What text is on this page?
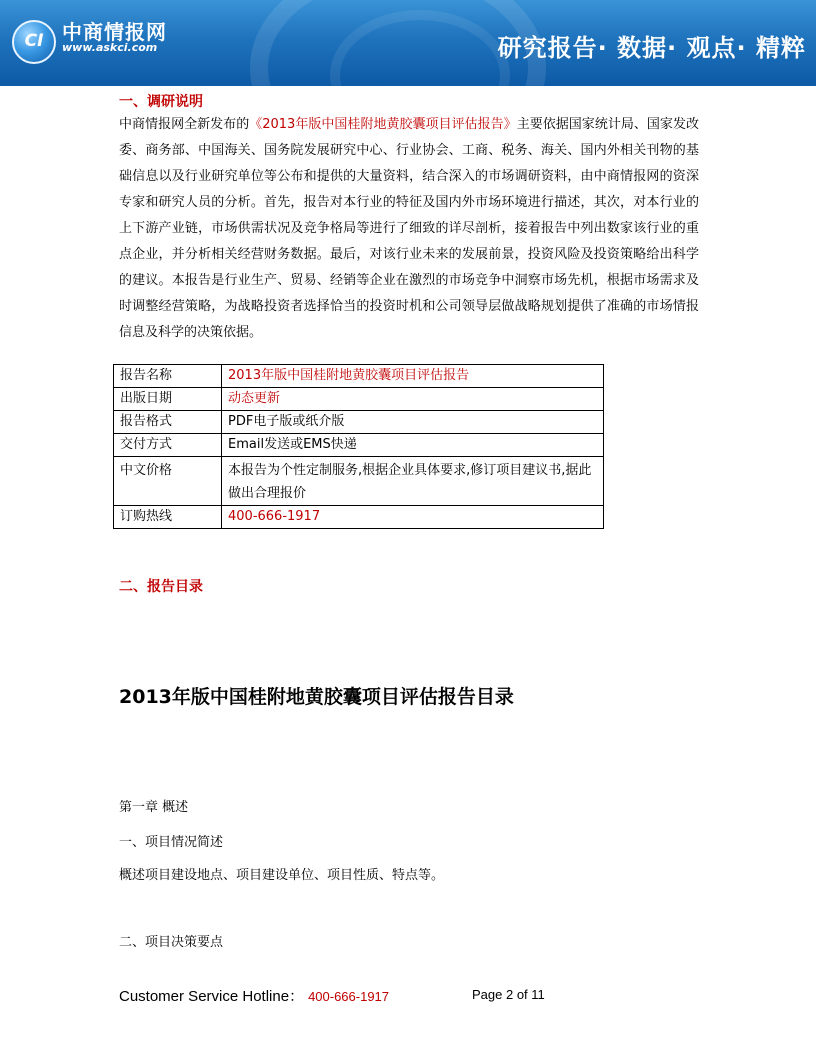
CI 中商情报网
www.askci.com	研究报告· 数据· 观点· 精粹
一、调研说明
中商情报网全新发布的《2013年版中国桂附地黄胶囊项目评估报告》主要依据国家统计局、国家发改委、商务部、中国海关、国务院发展研究中心、行业协会、工商、税务、海关、国内外相关刊物的基础信息以及行业研究单位等公布和提供的大量资料，结合深入的市场调研资料，由中商情报网的资深专家和研究人员的分析。首先，报告对本行业的特征及国内外市场环境进行描述，其次，对本行业的上下游产业链，市场供需状况及竞争格局等进行了细致的详尽剖析，接着报告中列出数家该行业的重点企业，并分析相关经营财务数据。最后，对该行业未来的发展前景，投资风险及投资策略给出科学的建议。本报告是行业生产、贸易、经销等企业在激烈的市场竞争中洞察市场先机，根据市场需求及时调整经营策略，为战略投资者选择恰当的投资时机和公司领导层做战略规划提供了准确的市场情报信息及科学的决策依据。
报告名称	2013年版中国桂附地黄胶囊项目评估报告
出版日期	动态更新
报告格式	PDF电子版或纸介版
交付方式	Email发送或EMS快递
中文价格	本报告为个性定制服务,根据企业具体要求,修订项目建议书,据此做出合理报价
订购热线	400-666-1917
二、报告目录
2013年版中国桂附地黄胶囊项目评估报告目录
第一章 概述
一、项目情况简述
概述项目建设地点、项目建设单位、项目性质、特点等。
二、项目决策要点
Customer Service Hotline： 400-666-1917	Page 2 of 11
